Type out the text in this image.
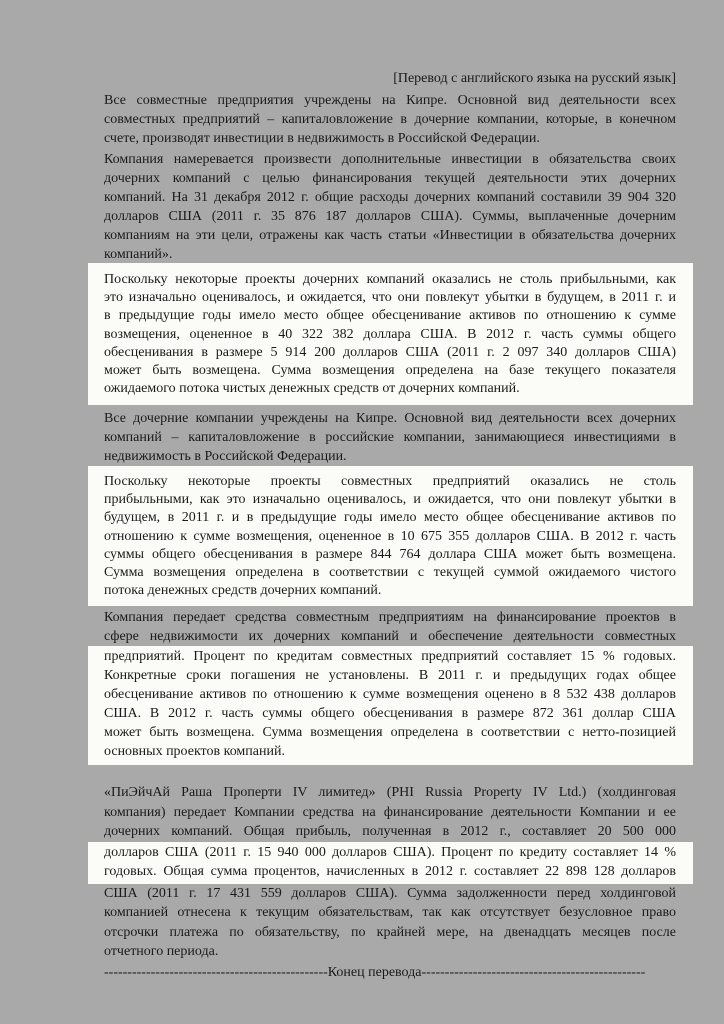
[Перевод с английского языка на русский язык]
Все совместные предприятия учреждены на Кипре. Основной вид деятельности всех
совместных предприятий – капиталовложение в дочерние компании, которые, в конечном
счете, производят инвестиции в недвижимость в Российской Федерации.
Компания намеревается произвести дополнительные инвестиции в обязательства своих
дочерних компаний с целью финансирования текущей деятельности этих дочерних
компаний. На 31 декабря 2012 г. общие расходы дочерних компаний составили 39 904 320
долларов США (2011 г. 35 876 187 долларов США). Суммы, выплаченные дочерним
компаниям на эти цели, отражены как часть статьи «Инвестиции в обязательства дочерних
компаний».
Поскольку некоторые проекты дочерних компаний оказались не столь прибыльными, как
это изначально оценивалось, и ожидается, что они повлекут убытки в будущем, в 2011 г. и
в предыдущие годы имело место общее обесценивание активов по отношению к сумме
возмещения, оцененное в 40 322 382 доллара США. В 2012 г. часть суммы общего
обесценивания в размере 5 914 200 долларов США (2011 г. 2 097 340 долларов США)
может быть возмещена. Сумма возмещения определена на базе текущего показателя
ожидаемого потока чистых денежных средств от дочерних компаний.
Все дочерние компании учреждены на Кипре. Основной вид деятельности всех дочерних
компаний – капиталовложение в российские компании, занимающиеся инвестициями в
недвижимость в Российской Федерации.
Поскольку некоторые проекты совместных предприятий оказались не столь
прибыльными, как это изначально оценивалось, и ожидается, что они повлекут убытки в
будущем, в 2011 г. и в предыдущие годы имело место общее обесценивание активов по
отношению к сумме возмещения, оцененное в 10 675 355 долларов США. В 2012 г. часть
суммы общего обесценивания в размере 844 764 доллара США может быть возмещена.
Сумма возмещения определена в соответствии с текущей суммой ожидаемого чистого
потока денежных средств дочерних компаний.
Компания передает средства совместным предприятиям на финансирование проектов в
сфере недвижимости их дочерних компаний и обеспечение деятельности совместных
предприятий. Процент по кредитам совместных предприятий составляет 15 % годовых.
Конкретные сроки погашения не установлены. В 2011 г. и предыдущих годах общее
обесценивание активов по отношению к сумме возмещения оценено в 8 532 438 долларов
США. В 2012 г. часть суммы общего обесценивания в размере 872 361 доллар США
может быть возмещена. Сумма возмещения определена в соответствии с нетто-позицией
основных проектов компаний.
«ПиЭйчАй Раша Проперти IV лимитед» (PHI Russia Property IV Ltd.) (холдинговая
компания) передает Компании средства на финансирование деятельности Компании и ее
дочерних компаний. Общая прибыль, полученная в 2012 г., составляет 20 500 000
долларов США (2011 г. 15 940 000 долларов США). Процент по кредиту составляет 14 %
годовых. Общая сумма процентов, начисленных в 2012 г. составляет 22 898 128 долларов
США (2011 г. 17 431 559 долларов США). Сумма задолженности перед холдинговой
компанией отнесена к текущим обязательствам, так как отсутствует безусловное право
отсрочки платежа по обязательству, по крайней мере, на двенадцать месяцев после
отчетного периода.
------------------------------------------------Конец перевода------------------------------------------------
